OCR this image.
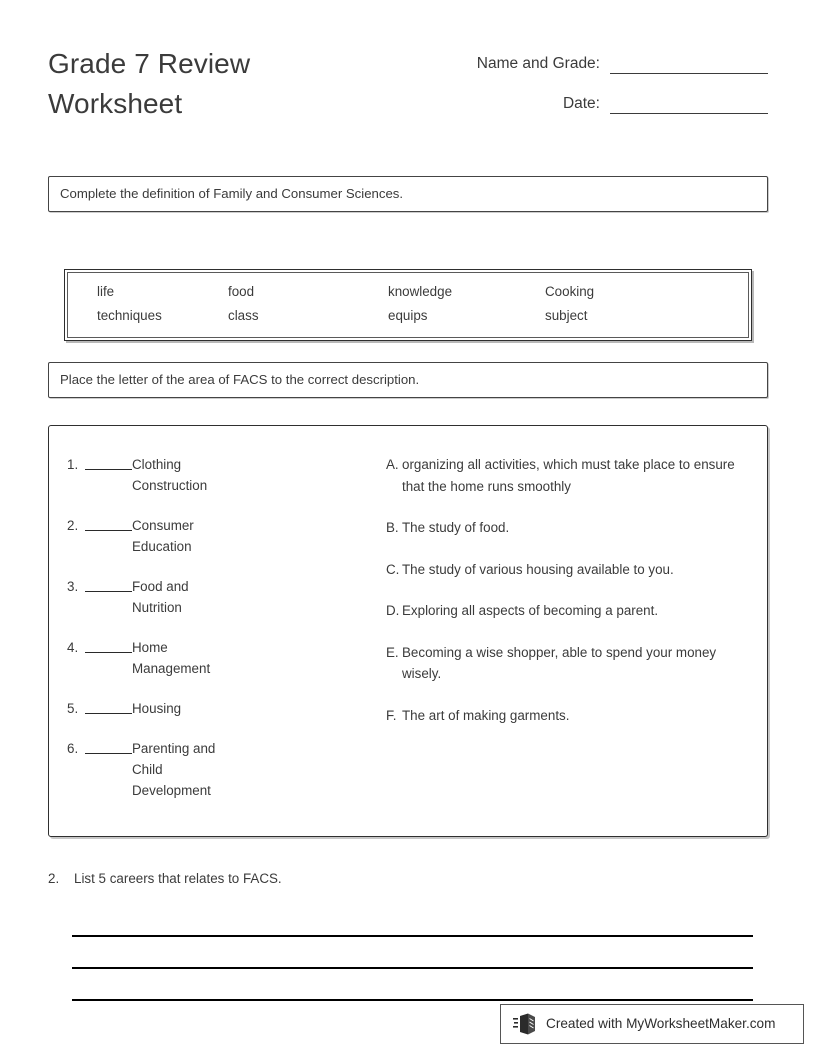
Grade 7 Review Worksheet
Name and Grade:
Date:
Complete the definition of Family and Consumer Sciences.
life	food	knowledge	Cooking
techniques	class	equips	subject
Place the letter of the area of FACS to the correct description.
1.	Clothing Construction
2.	Consumer Education
3.	Food and Nutrition
4.	Home Management
5.	Housing
6.	Parenting and Child Development
A. organizing all activities, which must take place to ensure that the home runs smoothly
B. The study of food.
C. The study of various housing available to you.
D. Exploring all aspects of becoming a parent.
E. Becoming a wise shopper, able to spend your money wisely.
F. The art of making garments.
2.	List 5 careers that relates to FACS.
Created with MyWorksheetMaker.com
